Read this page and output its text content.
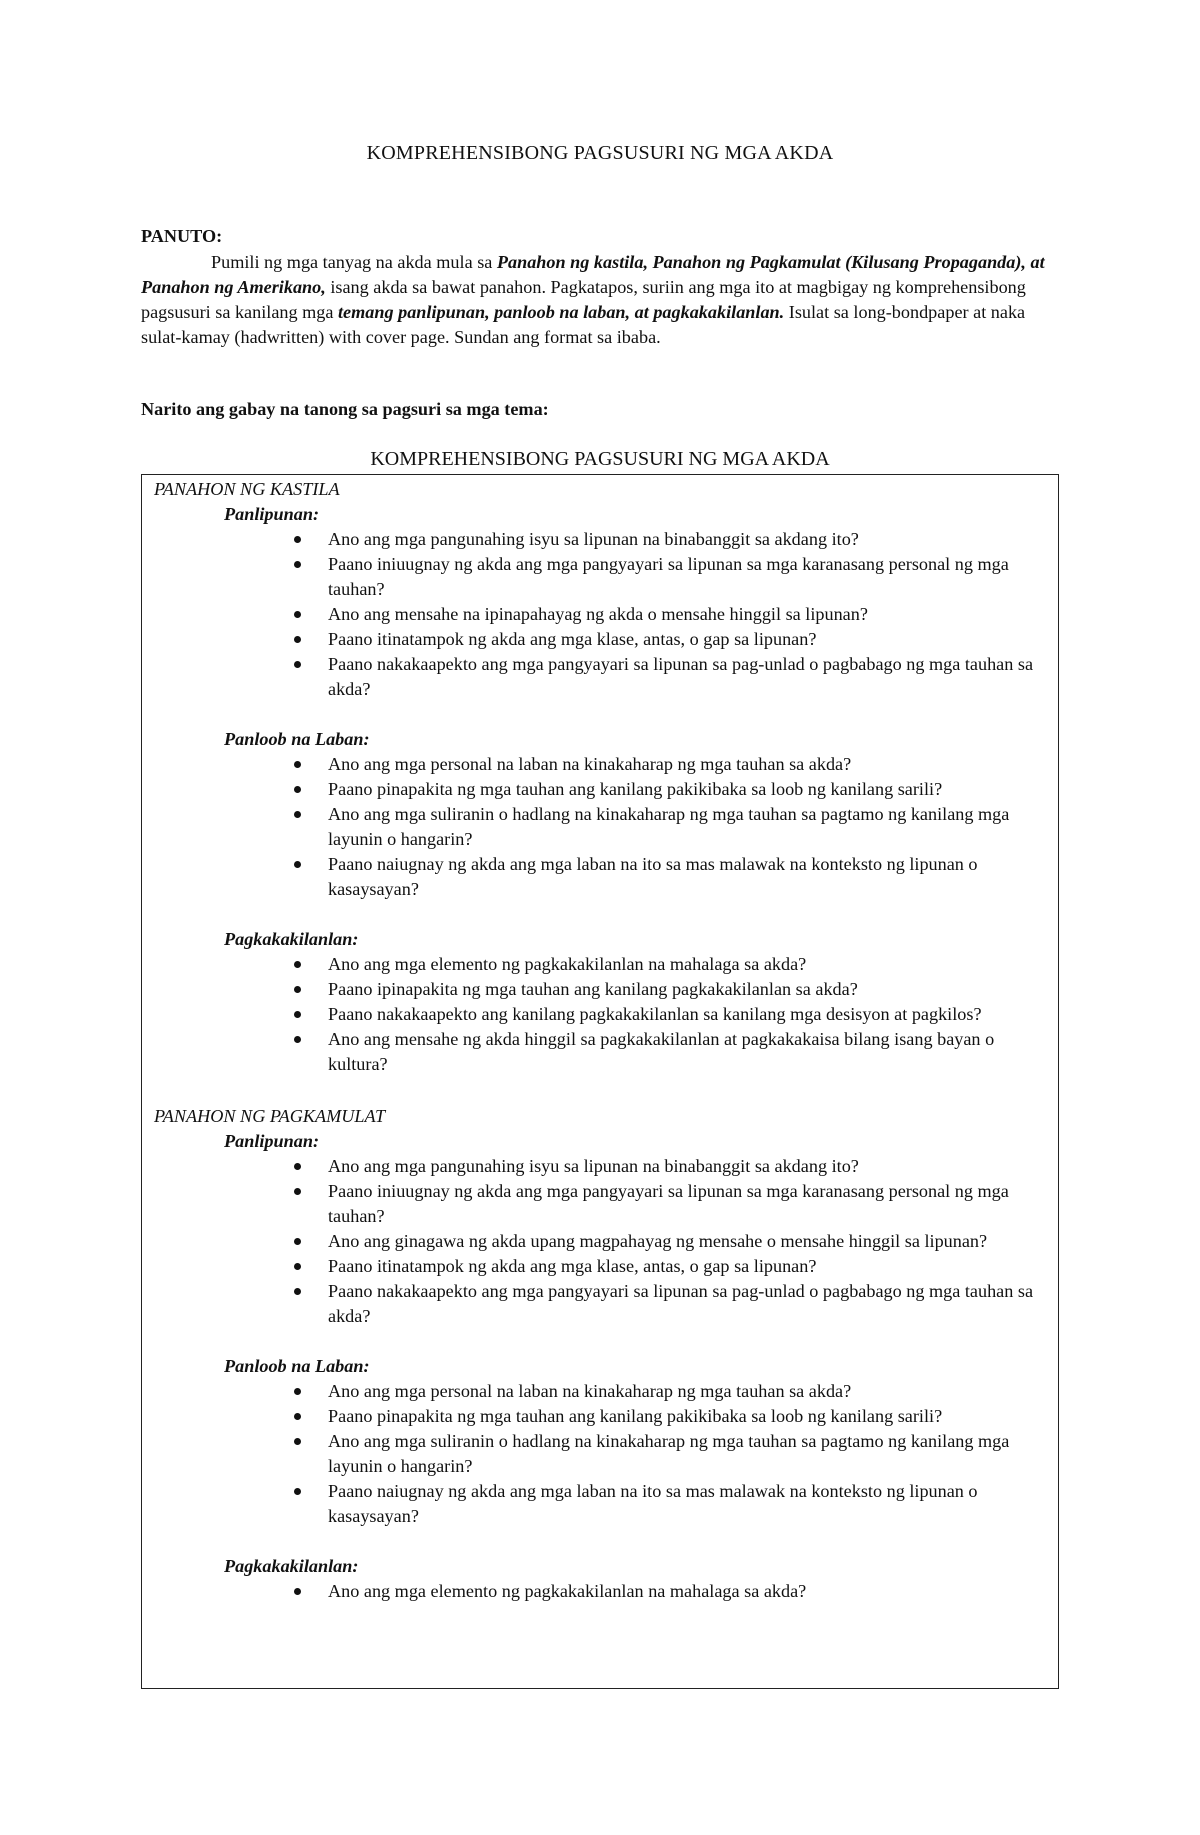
KOMPREHENSIBONG PAGSUSURI NG MGA AKDA
PANUTO:

Pumili ng mga tanyag na akda mula sa Panahon ng kastila, Panahon ng Pagkamulat (Kilusang Propaganda), at Panahon ng Amerikano, isang akda sa bawat panahon. Pagkatapos, suriin ang mga ito at magbigay ng komprehensibong pagsusuri sa kanilang mga temang panlipunan, panloob na laban, at pagkakakilanlan. Isulat sa long-bondpaper at naka sulat-kamay (hadwritten) with cover page. Sundan ang format sa ibaba.

Narito ang gabay na tanong sa pagsuri sa mga tema:
KOMPREHENSIBONG PAGSUSURI NG MGA AKDA
PANAHON NG KASTILA
Panlipunan:
Ano ang mga pangunahing isyu sa lipunan na binabanggit sa akdang ito?
Paano iniuugnay ng akda ang mga pangyayari sa lipunan sa mga karanasang personal ng mga tauhan?
Ano ang mensahe na ipinapahayag ng akda o mensahe hinggil sa lipunan?
Paano itinatampok ng akda ang mga klase, antas, o gap sa lipunan?
Paano nakakaapekto ang mga pangyayari sa lipunan sa pag-unlad o pagbabago ng mga tauhan sa akda?
Panloob na Laban:
Ano ang mga personal na laban na kinakaharap ng mga tauhan sa akda?
Paano pinapakita ng mga tauhan ang kanilang pakikibaka sa loob ng kanilang sarili?
Ano ang mga suliranin o hadlang na kinakaharap ng mga tauhan sa pagtamo ng kanilang mga layunin o hangarin?
Paano naiugnay ng akda ang mga laban na ito sa mas malawak na konteksto ng lipunan o kasaysayan?
Pagkakakilanlan:
Ano ang mga elemento ng pagkakakilanlan na mahalaga sa akda?
Paano ipinapakita ng mga tauhan ang kanilang pagkakakilanlan sa akda?
Paano nakakaapekto ang kanilang pagkakakilanlan sa kanilang mga desisyon at pagkilos?
Ano ang mensahe ng akda hinggil sa pagkakakilanlan at pagkakakaisa bilang isang bayan o kultura?
PANAHON NG PAGKAMULAT
Panlipunan:
Ano ang mga pangunahing isyu sa lipunan na binabanggit sa akdang ito?
Paano iniuugnay ng akda ang mga pangyayari sa lipunan sa mga karanasang personal ng mga tauhan?
Ano ang ginagawa ng akda upang magpahayag ng mensahe o mensahe hinggil sa lipunan?
Paano itinatampok ng akda ang mga klase, antas, o gap sa lipunan?
Paano nakakaapekto ang mga pangyayari sa lipunan sa pag-unlad o pagbabago ng mga tauhan sa akda?
Panloob na Laban:
Ano ang mga personal na laban na kinakaharap ng mga tauhan sa akda?
Paano pinapakita ng mga tauhan ang kanilang pakikibaka sa loob ng kanilang sarili?
Ano ang mga suliranin o hadlang na kinakaharap ng mga tauhan sa pagtamo ng kanilang mga layunin o hangarin?
Paano naiugnay ng akda ang mga laban na ito sa mas malawak na konteksto ng lipunan o kasaysayan?
Pagkakakilanlan:
Ano ang mga elemento ng pagkakakilanlan na mahalaga sa akda?
